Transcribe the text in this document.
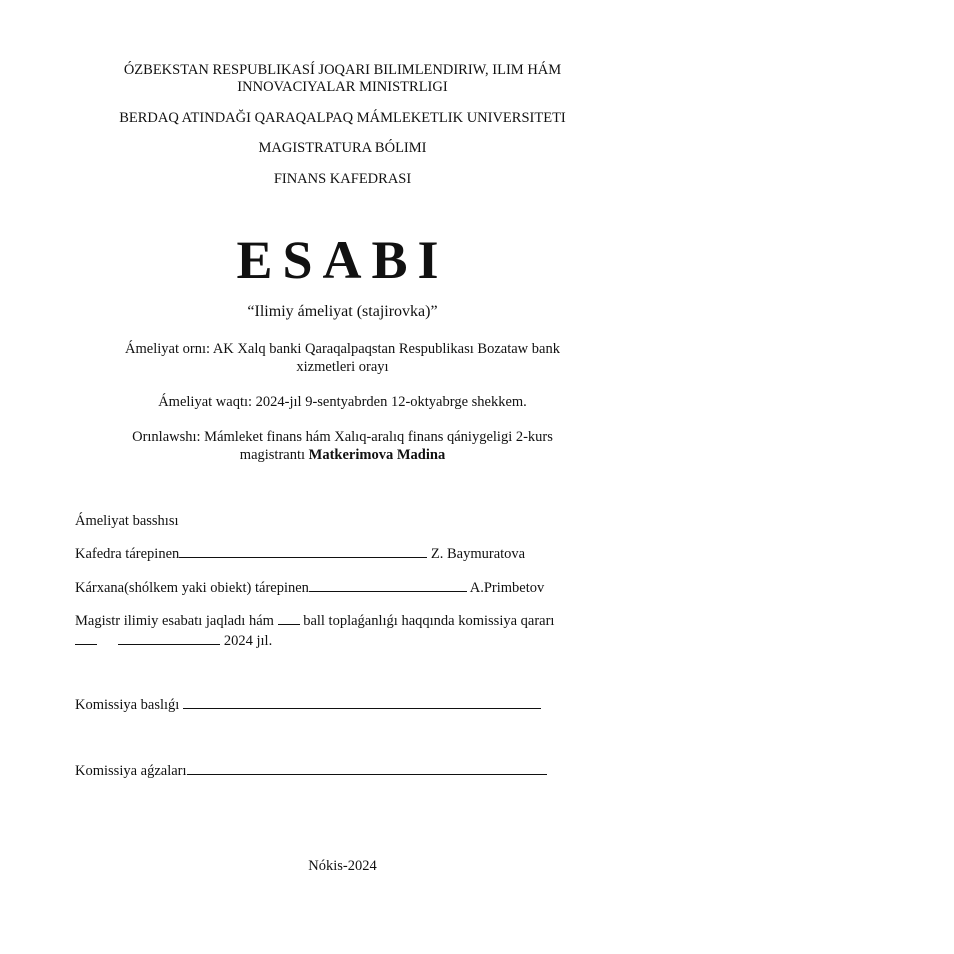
ÓZBEKSTAN RESPUBLIKASÍ JOQARI BILIMLENDIRIW, ILIM HÁM
INNOVACIYALAR MINISTRLIGI
BERDAQ ATINDAĞI QARAQALPAQ MÁMLEKETLIK UNIVERSITETI
MAGISTRATURA BÓLIMI
FINANS KAFEDRASI
ESABI
“Ilimiy ámeliyat (stajirovka)”
Ámeliyat ornı: AK Xalq banki Qaraqalpaqstan Respublikası Bozataw bank
xizmetleri orayı
Ámeliyat waqtı: 2024-jıl 9-sentyabrden 12-oktyabrge shekkem.
Orınlawshı: Mámleket finans hám Xalıq-aralıq finans qániygeligi 2-kurs
magistrantı Matkerimova Madina
Ámeliyat basshısı
Kafedra tárepinen	Z. Baymuratova
Kárxana(shólkem yaki obiekt) tárepinen	A.Primbetov
Magistr ilimiy esabatı jaqladı hám ball toplaǵanlıǵı haqqında komissiya qararı
2024 jıl.
Komissiya baslıǵı
Komissiya aǵzaları
Nókis-2024
